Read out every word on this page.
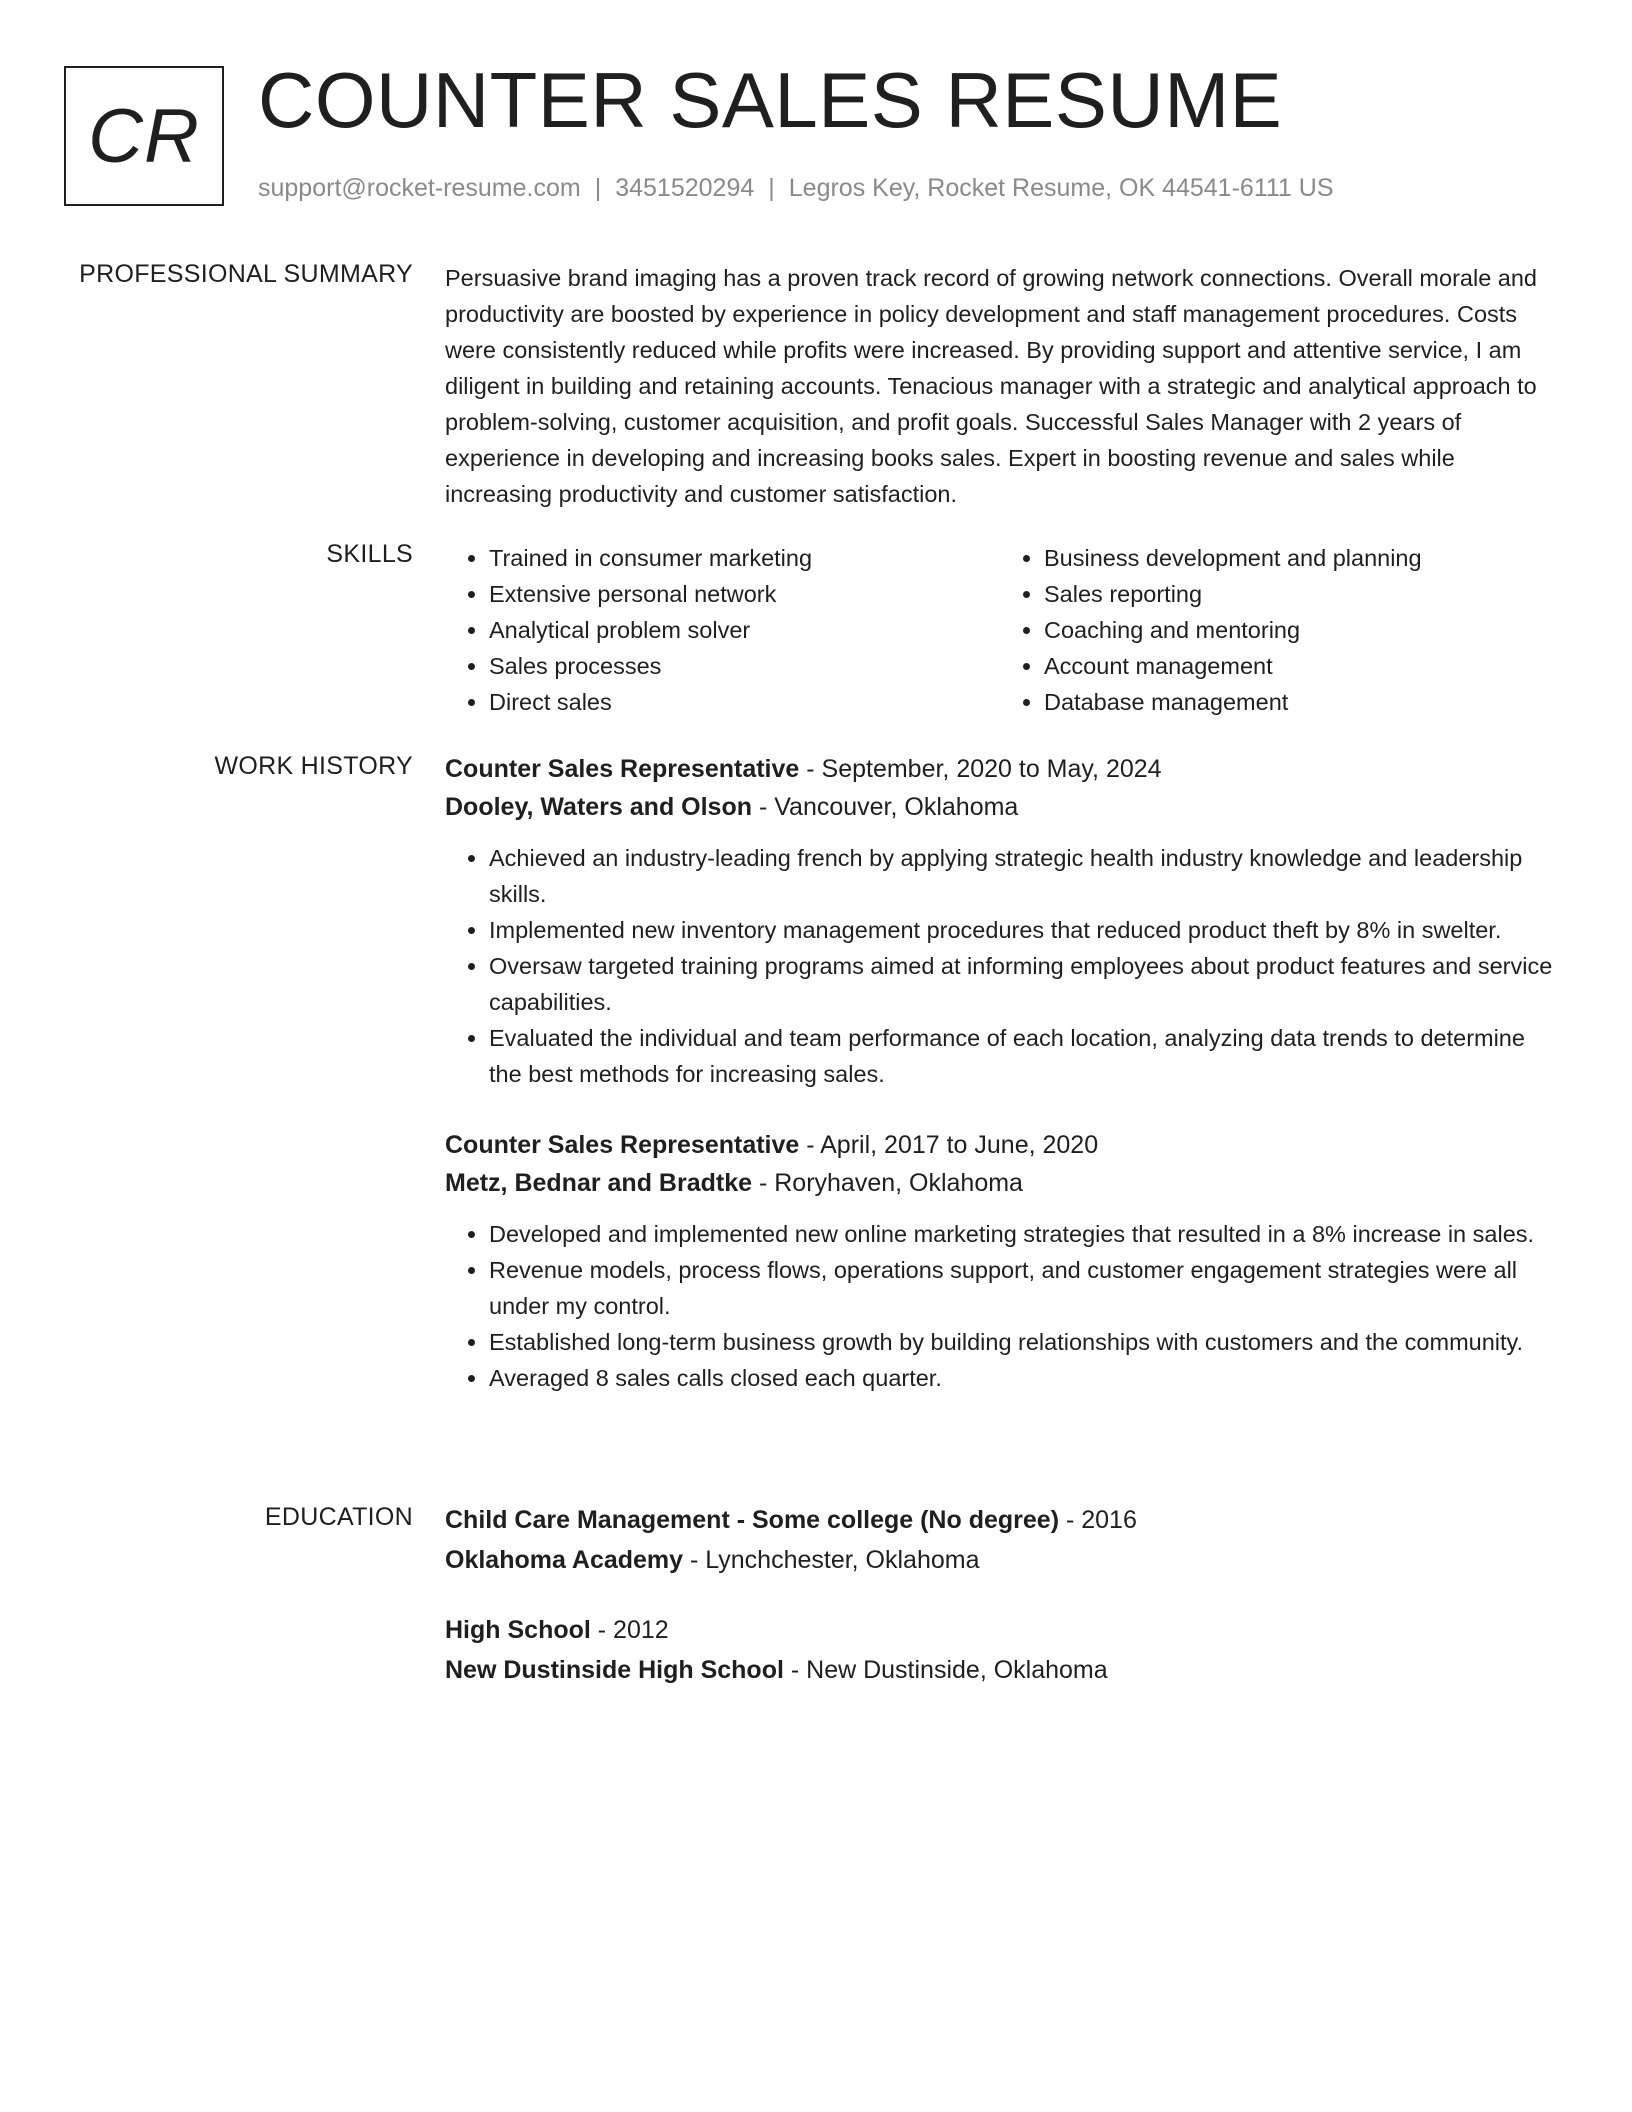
CR COUNTER SALES RESUME
support@rocket-resume.com | 3451520294 | Legros Key, Rocket Resume, OK 44541-6111 US
PROFESSIONAL SUMMARY Persuasive brand imaging has a proven track record of growing network connections. Overall morale and productivity are boosted by experience in policy development and staff management procedures. Costs were consistently reduced while profits were increased. By providing support and attentive service, I am diligent in building and retaining accounts. Tenacious manager with a strategic and analytical approach to problem-solving, customer acquisition, and profit goals. Successful Sales Manager with 2 years of experience in developing and increasing books sales. Expert in boosting revenue and sales while increasing productivity and customer satisfaction.

SKILLS
•	Trained in consumer marketing
• Extensive personal network
• Analytical problem solver
• Sales processes
• Direct sales
• Business development and planning
• Sales reporting
• Coaching and mentoring
• Account management
• Database management
WORK HISTORY Counter Sales Representative - September, 2020 to May, 2024
Dooley, Waters and Olson - Vancouver, Oklahoma
• Achieved an industry-leading french by applying strategic health industry knowledge and leadership skills.
• Implemented new inventory management procedures that reduced product theft by 8% in swelter.
• Oversaw targeted training programs aimed at informing employees about product features and service capabilities.
• Evaluated the individual and team performance of each location, analyzing data trends to determine the best methods for increasing sales.
Counter Sales Representative - April, 2017 to June, 2020
Metz, Bednar and Bradtke - Roryhaven, Oklahoma
• Developed and implemented new online marketing strategies that resulted in a 8% increase in sales.
• Revenue models, process flows, operations support, and customer engagement strategies were all under my control.
• Established long-term business growth by building relationships with customers and the community.
• Averaged 8 sales calls closed each quarter.
EDUCATION Child Care Management - Some college (No degree) - 2016
Oklahoma Academy - Lynchchester, Oklahoma
High School - 2012
New Dustinside High School - New Dustinside, Oklahoma
